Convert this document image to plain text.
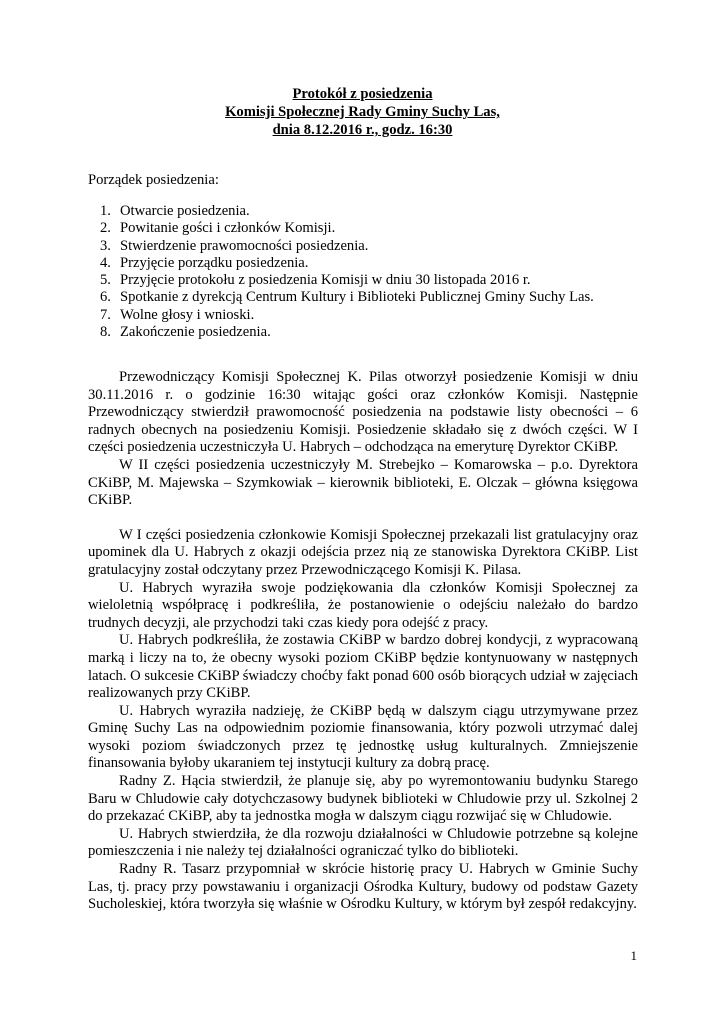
Protokół z posiedzenia
Komisji Społecznej Rady Gminy Suchy Las,
dnia 8.12.2016 r., godz. 16:30
Porządek posiedzenia:
1. Otwarcie posiedzenia.
2. Powitanie gości i członków Komisji.
3. Stwierdzenie prawomocności posiedzenia.
4. Przyjęcie porządku posiedzenia.
5. Przyjęcie protokołu z posiedzenia Komisji w dniu 30 listopada 2016 r.
6. Spotkanie z dyrekcją Centrum Kultury i Biblioteki Publicznej Gminy Suchy Las.
7. Wolne głosy i wnioski.
8. Zakończenie posiedzenia.

Przewodniczący Komisji Społecznej K. Pilas otworzył posiedzenie Komisji w dniu 30.11.2016 r. o godzinie 16:30 witając gości oraz członków Komisji. Następnie Przewodniczący stwierdził prawomocność posiedzenia na podstawie listy obecności – 6 radnych obecnych na posiedzeniu Komisji. Posiedzenie składało się z dwóch części. W I części posiedzenia uczestniczyła U. Habrych – odchodząca na emeryturę Dyrektor CKiBP.

W II części posiedzenia uczestniczyły M. Strebejko – Komarowska – p.o. Dyrektora CKiBP, M. Majewska – Szymkowiak – kierownik biblioteki, E. Olczak – główna księgowa CKiBP.

W I części posiedzenia członkowie Komisji Społecznej przekazali list gratulacyjny oraz upominek dla U. Habrych z okazji odejścia przez nią ze stanowiska Dyrektora CKiBP. List gratulacyjny został odczytany przez Przewodniczącego Komisji K. Pilasa.

U. Habrych wyraziła swoje podziękowania dla członków Komisji Społecznej za wieloletnią współpracę i podkreśliła, że postanowienie o odejściu należało do bardzo trudnych decyzji, ale przychodzi taki czas kiedy pora odejść z pracy.

U. Habrych podkreśliła, że zostawia CKiBP w bardzo dobrej kondycji, z wypracowaną marką i liczy na to, że obecny wysoki poziom CKiBP będzie kontynuowany w następnych latach. O sukcesie CKiBP świadczy choćby fakt ponad 600 osób biorących udział w zajęciach realizowanych przy CKiBP.

U. Habrych wyraziła nadzieję, że CKiBP będą w dalszym ciągu utrzymywane przez Gminę Suchy Las na odpowiednim poziomie finansowania, który pozwoli utrzymać dalej wysoki poziom świadczonych przez tę jednostkę usług kulturalnych. Zmniejszenie finansowania byłoby ukaraniem tej instytucji kultury za dobrą pracę.

Radny Z. Hącia stwierdził, że planuje się, aby po wyremontowaniu budynku Starego Baru w Chludowie cały dotychczasowy budynek biblioteki w Chludowie przy ul. Szkolnej 2 do przekazać CKiBP, aby ta jednostka mogła w dalszym ciągu rozwijać się w Chludowie.

U. Habrych stwierdziła, że dla rozwoju działalności w Chludowie potrzebne są kolejne pomieszczenia i nie należy tej działalności ograniczać tylko do biblioteki.

Radny R. Tasarz przypomniał w skrócie historię pracy U. Habrych w Gminie Suchy Las, tj. pracy przy powstawaniu i organizacji Ośrodka Kultury, budowy od podstaw Gazety Sucholeskiej, która tworzyła się właśnie w Ośrodku Kultury, w którym był zespół redakcyjny.

1
